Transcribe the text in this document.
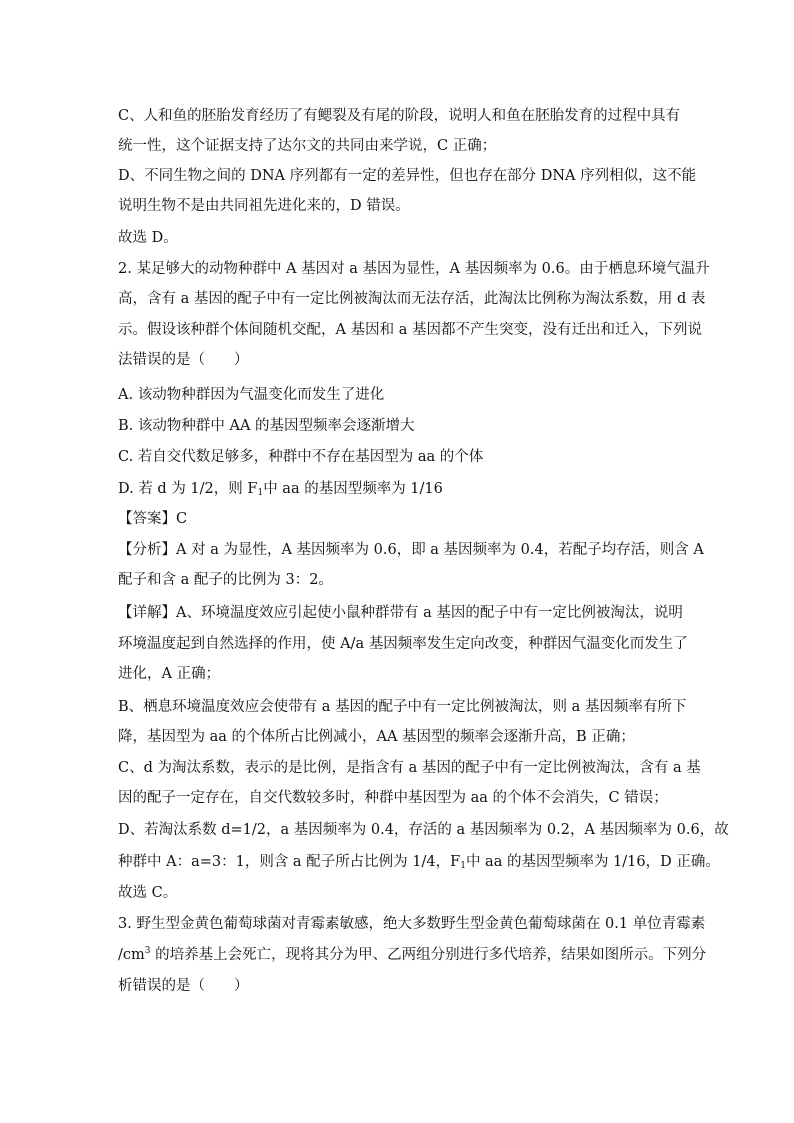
C、人和鱼的胚胎发育经历了有鳃裂及有尾的阶段，说明人和鱼在胚胎发育的过程中具有
统一性，这个证据支持了达尔文的共同由来学说，C 正确；
D、不同生物之间的 DNA 序列都有一定的差异性，但也存在部分 DNA 序列相似，这不能
说明生物不是由共同祖先进化来的，D 错误。
故选 D。
2. 某足够大的动物种群中 A 基因对 a 基因为显性，A 基因频率为 0.6。由于栖息环境气温升
高，含有 a 基因的配子中有一定比例被淘汰而无法存活，此淘汰比例称为淘汰系数，用 d 表
示。假设该种群个体间随机交配，A 基因和 a 基因都不产生突变，没有迁出和迁入，下列说
法错误的是（　　）
A. 该动物种群因为气温变化而发生了进化
B. 该动物种群中 AA 的基因型频率会逐渐增大
C. 若自交代数足够多，种群中不存在基因型为 aa 的个体
D. 若 d 为 1/2，则 $F_1$中 aa 的基因型频率为 1/16
【答案】C
【分析】A 对 a 为显性，A 基因频率为 0.6，即 a 基因频率为 0.4，若配子均存活，则含 A
配子和含 a 配子的比例为 3：2。
【详解】A、环境温度效应引起使小鼠种群带有 a 基因的配子中有一定比例被淘汰，说明
环境温度起到自然选择的作用，使 A/a 基因频率发生定向改变，种群因气温变化而发生了
进化，A 正确；
B、栖息环境温度效应会使带有 a 基因的配子中有一定比例被淘汰，则 a 基因频率有所下
降，基因型为 aa 的个体所占比例减小，AA 基因型的频率会逐渐升高，B 正确；
C、d 为淘汰系数，表示的是比例，是指含有 a 基因的配子中有一定比例被淘汰，含有 a 基
因的配子一定存在，自交代数较多时，种群中基因型为 aa 的个体不会消失，C 错误；
D、若淘汰系数 d=1/2，a 基因频率为 0.4，存活的 a 基因频率为 0.2，A 基因频率为 0.6，故
种群中 A：a=3：1，则含 a 配子所占比例为 1/4，$F_1$中 aa 的基因型频率为 1/16，D 正确。
故选 C。
3. 野生型金黄色葡萄球菌对青霉素敏感，绝大多数野生型金黄色葡萄球菌在 0.1 单位青霉素
$/cm^3$ 的培养基上会死亡，现将其分为甲、乙两组分别进行多代培养，结果如图所示。下列分
析错误的是（　　）
